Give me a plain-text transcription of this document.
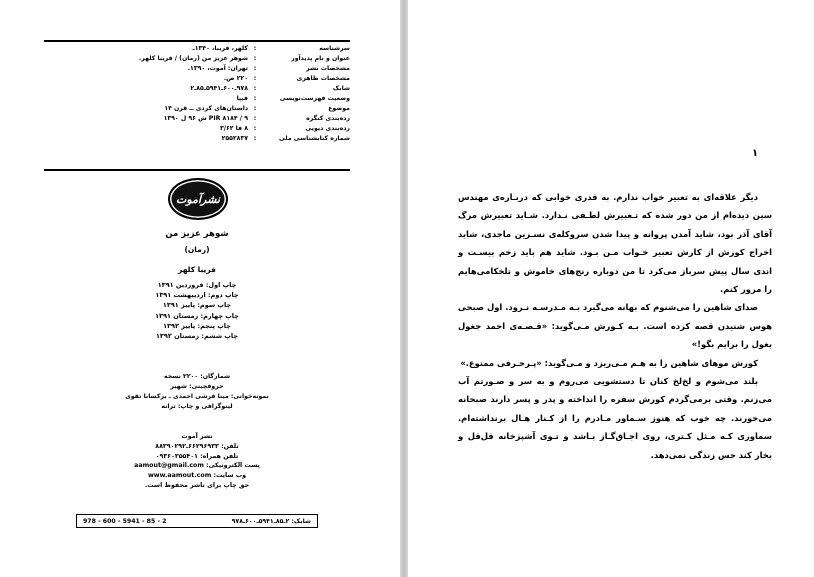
سرشناسه
:
کلهر، فریبا، ۱۳۴۰ـ
عنوان و نام پدیدآور
:
شوهر عزیز من (رمان) / فریبا کلهر.
مشخصات نشر
:
تهران: آموت، ۱۳۹۰.
مشخصات ظاهری
:
۲۲۰ ص.
شابک
:
۹۷۸ـ۶۰۰ـ۵۹۴۱ـ۸۵ـ۲
وضعیت فهرست‌نویسی
:
فیپا
موضوع
:
داستان‌های کردی ــ قرن ۱۴
رده‌بندی کنگره
:
PIR ۸۱۸۴ / ۹ ش ۹۶ ل ۱۳۹۰
رده‌بندی دیویی
:
۸ فا ۳/۶۲
شماره کتابشناسی ملی
:
۲۵۵۲۸۳۷
نشرآموت
شوهر عزیز من
(رمان)
فریبا کلهر
چاپ اول: فروردین ۱۳۹۱
چاپ دوم: اردیبهشت ۱۳۹۱
چاپ سوم: پاییز ۱۳۹۱
چاپ چهارم: زمستان ۱۳۹۱
چاپ پنجم: پاییز ۱۳۹۲
چاپ ششم: زمستان ۱۳۹۲
شمارگان: ۲۲۰۰ نسخه
حروفچینی: شهیر
نمونه‌خوانی: مینا فرشی احمدی ـ برکسانا تقوی
لیتوگرافی و چاپ: ترانه
نشر آموت
تلفن: ۶۶۲۹۶۹۳۳ـ۸۸۳۹۰۲۹۲
تلفن همراه: ۰۹۳۶۰۳۵۵۴۰۱
پست الکترونیکی: aamout@gmail.com
وب سایت: www.aamout.com
حق چاپ برای ناشر محفوظ است.
978 - 600 - 5941 - 85 - 2	شابک: ۲ـ۸۵ـ۵۹۴۱ـ۶۰۰ـ۹۷۸
۱

دیگر علاقه‌ای به تعبیر خواب ندارم. به قدری خوابی که دربـاره‌ی مهندس سین دیده‌ام از من دور شده که تـعبیرش لطـفی نـدارد. شـاید تعبیرش مرگ آقای آذر بود، شاید آمدن پروانه و پیدا شدن سروکله‌ی نسـرین ماجدی، شاید اخراج کورش از کارش تعبیر خـواب مـن بـود. شاید هم باید زخم بیسـت و اندی سال پیش سرباز می‌کرد تا من دوباره رنج‌های خاموش و تلخکامی‌هایم را مرور کنم.

صدای شاهین را می‌شنوم که بهانه می‌گیرد بـه مـدرسـه نـرود. اول صبحی هوس شنیدن قصه کرده است. بـه کـورش مـی‌گوید: «قـصـه‌ی احمد جغول بغول را برایم بگو!»

کورش موهای شاهین را به هـم مـی‌ریزد و مـی‌گوید: «پـرحـرفی ممنوع.»

بلند می‌شوم و لخ‌لخ کنان تا دستشویی می‌روم و به سر و صـورتم آب می‌زنم. وقتی برمی‌گردم کورش سفره را انداخته و پدر و پسر دارند صبحانه می‌خورند. چه خوب که هنوز سـماور مـادرم را از کـنار هـال برنداشته‌ام. سماوری کـه مـثل کـتری، روی اجـاق‌گـاز بـاشد و تـوی آشپزخانه قل‌قل و بخار کند حس زندگی نمی‌دهد.
